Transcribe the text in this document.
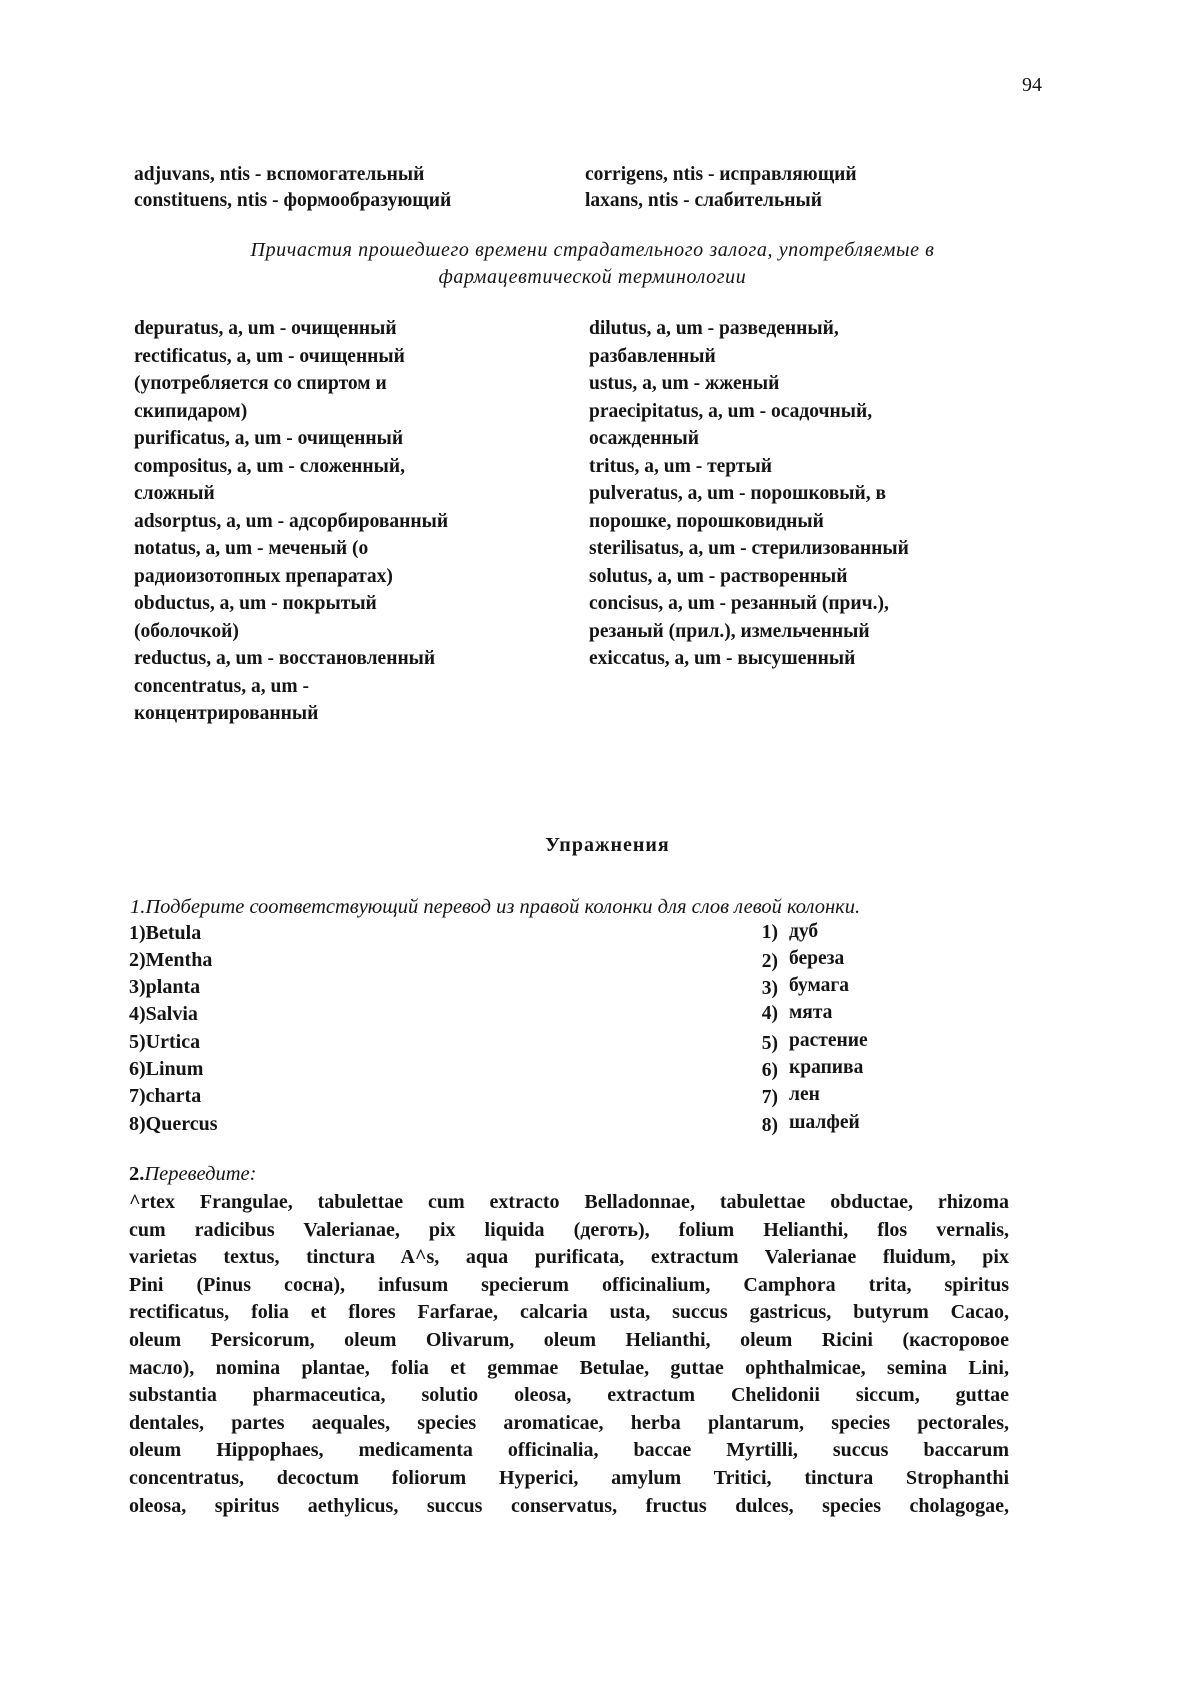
94
adjuvans, ntis - вспомогательный
constituens, ntis - формообразующий
corrigens, ntis - исправляющий
laxans, ntis - слабительный
Причастия прошедшего времени страдательного залога, употребляемые в
фармацевтической терминологии
depuratus, a, um - очищенный
rectificatus, a, um - очищенный
(употребляется со спиртом и
скипидаром)
purificatus, a, um - очищенный
compositus, a, um - сложенный,
сложный
adsorptus, a, um - адсорбированный
notatus, a, um - меченый (о
радиоизотопных препаратах)
obductus, a, um - покрытый
(оболочкой)
reductus, a, um - восстановленный
concentratus, a, um -
концентрированный
dilutus, a, um - разведенный,
разбавленный
ustus, a, um - жженый
praecipitatus, a, um - осадочный,
осажденный
tritus, a, um - тертый
pulveratus, a, um - порошковый, в
порошке, порошковидный
sterilisatus, a, um - стерилизованный
solutus, a, um - растворенный
concisus, a, um - резанный (прич.),
резаный (прил.), измельченный
exiccatus, a, um - высушенный
Упражнения
1.Подберите соответствующий перевод из правой колонки для слов левой колонки.
1)Betula
2)Mentha
3)planta
4)Salvia
5)Urtica
6)Linum
7)charta
8)Quercus
1)
2)
3)
4)
5)
6)
7)
8)
дуб
береза
бумага
мята
растение
крапива
лен
шалфей
2.Переведите:
^rtex Frangulae, tabulettae cum extracto Belladonnae, tabulettae obductae, rhizoma
cum radicibus Valerianae, pix liquida (деготь), folium Helianthi, flos vernalis,
varietas textus, tinctura A^s, aqua purificata, extractum Valerianae fluidum, pix
Pini (Pinus сосна), infusum specierum officinalium, Camphora trita, spiritus
rectificatus, folia et flores Farfarae, calcaria usta, succus gastricus, butyrum Cacao,
oleum Persicorum, oleum Olivarum, oleum Helianthi, oleum Ricini (касторовое
масло), nomina plantae, folia et gemmae Betulae, guttae ophthalmicae, semina Lini,
substantia pharmaceutica, solutio oleosa, extractum Chelidonii siccum, guttae
dentales, partes aequales, species aromaticae, herba plantarum, species pectorales,
oleum Hippophaes, medicamenta officinalia, baccae Myrtilli, succus baccarum
concentratus, decoctum foliorum Hyperici, amylum Tritici, tinctura Strophanthi
oleosa, spiritus aethylicus, succus conservatus, fructus dulces, species cholagogae,
